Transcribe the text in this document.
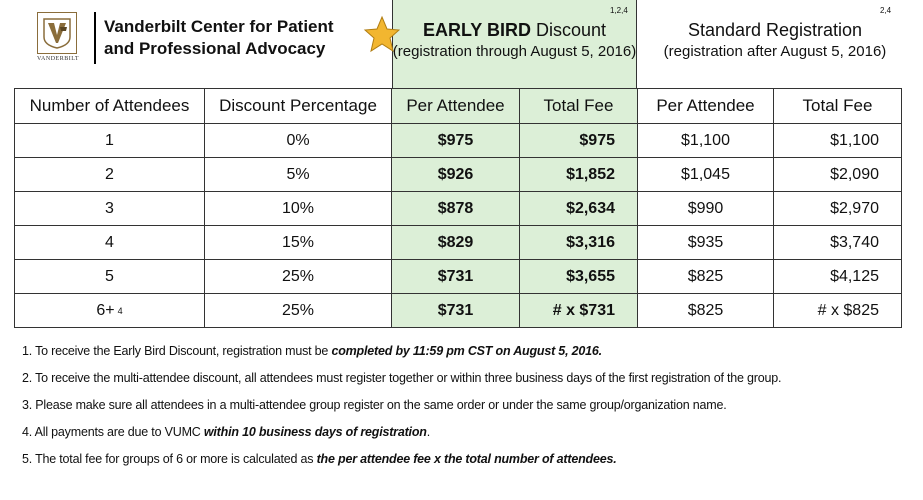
VANDERBILT
Vanderbilt Center for Patient and Professional Advocacy
EARLY BIRD Discount
1,2,4
(registration through August 5, 2016)
Standard Registration
2,4
(registration after August 5, 2016)
Number of Attendees	Discount Percentage	Per Attendee	Total Fee	Per Attendee	Total Fee
1	0%	$975	$975	$1,100	$1,100
2	5%	$926	$1,852	$1,045	$2,090
3	10%	$878	$2,634	$990	$2,970
4	15%	$829	$3,316	$935	$3,740
5	25%	$731	$3,655	$825	$4,125
6+ 4	25%	$731	# x $731	$825	# x $825
1. To receive the Early Bird Discount, registration must be completed by 11:59 pm CST on August 5, 2016.
2. To receive the multi-attendee discount, all attendees must register together or within three business days of the first registration of the group.
3. Please make sure all attendees in a multi-attendee group register on the same order or under the same group/organization name.
4. All payments are due to VUMC within 10 business days of registration.
5. The total fee for groups of 6 or more is calculated as the per attendee fee x the total number of attendees.
